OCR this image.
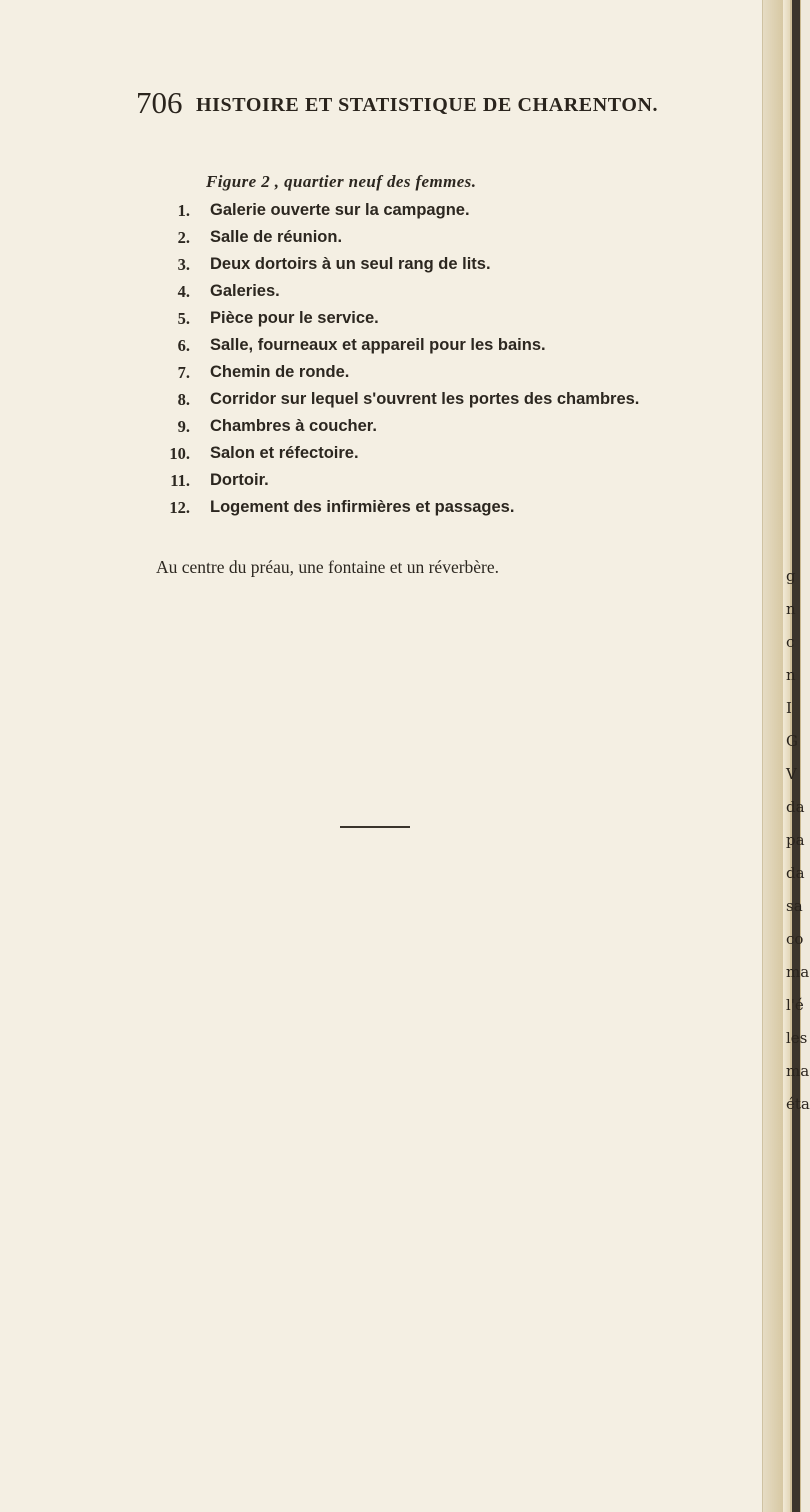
706 HISTOIRE ET STATISTIQUE DE CHARENTON.
Figure 2 , quartier neuf des femmes.
1. Galerie ouverte sur la campagne.
2. Salle de réunion.
3. Deux dortoirs à un seul rang de lits.
4. Galeries.
5. Pièce pour le service.
6. Salle, fourneaux et appareil pour les bains.
7. Chemin de ronde.
8. Corridor sur lequel s'ouvrent les portes des chambres.
9. Chambres à coucher.
10. Salon et réfectoire.
11. Dortoir.
12. Logement des infirmières et passages.
Au centre du préau, une fontaine et un réverbère.	g
n
c
n
I
G
V
da
pa
da
sa
co
ma
l'é
les
ma
éta
